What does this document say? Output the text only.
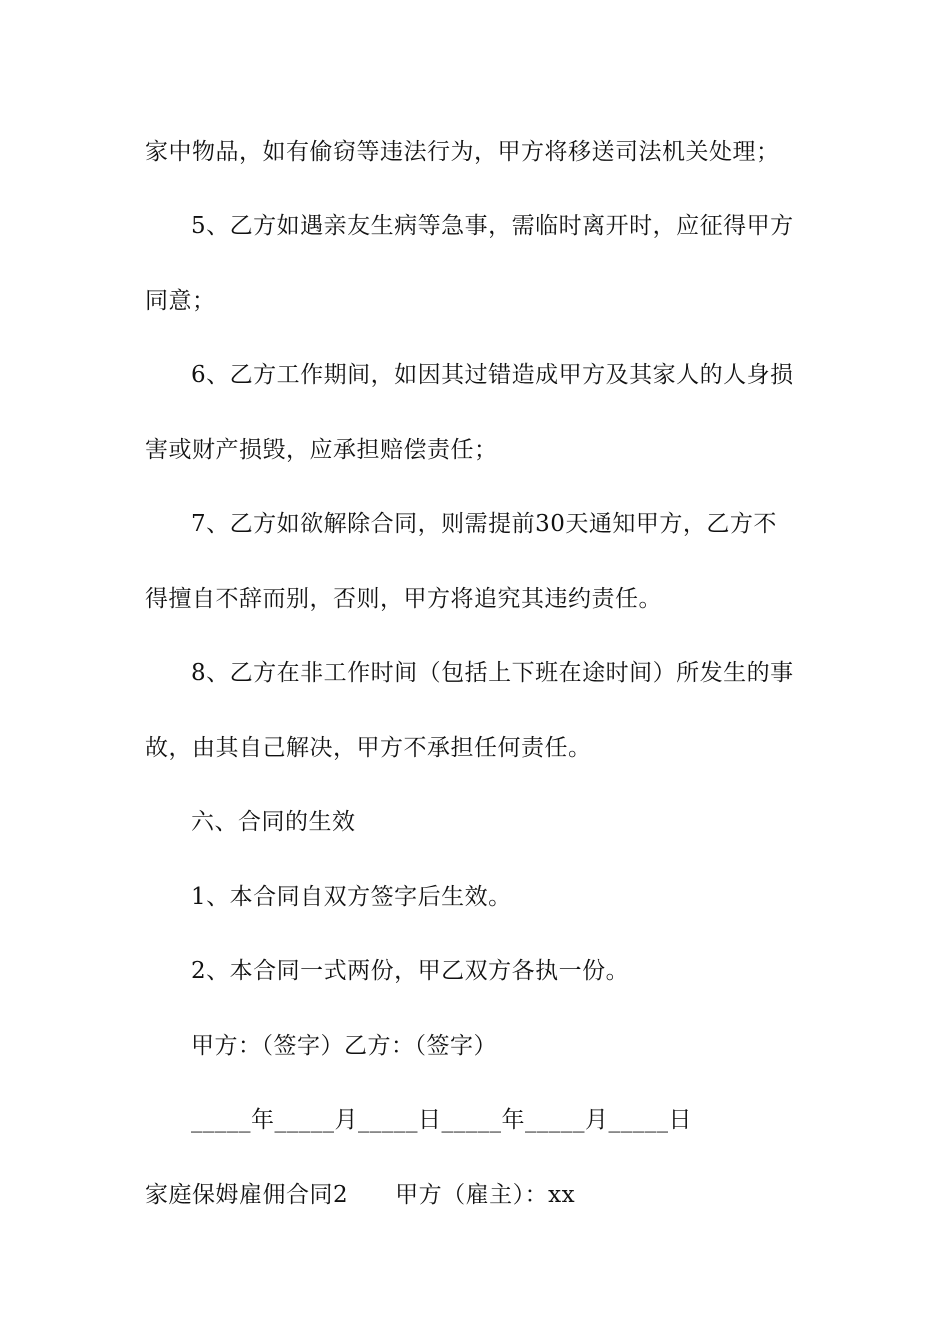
家中物品，如有偷窃等违法行为，甲方将移送司法机关处理；
5、乙方如遇亲友生病等急事，需临时离开时，应征得甲方
同意；
6、乙方工作期间，如因其过错造成甲方及其家人的人身损
害或财产损毁，应承担赔偿责任；
7、乙方如欲解除合同，则需提前30天通知甲方，乙方不
得擅自不辞而别，否则，甲方将追究其违约责任。
8、乙方在非工作时间（包括上下班在途时间）所发生的事
故，由其自己解决，甲方不承担任何责任。
六、合同的生效
1、本合同自双方签字后生效。
2、本合同一式两份，甲乙双方各执一份。
甲方：（签字）乙方：（签字）
_____年_____月_____日_____年_____月_____日
家庭保姆雇佣合同2　　甲方（雇主）：xx
